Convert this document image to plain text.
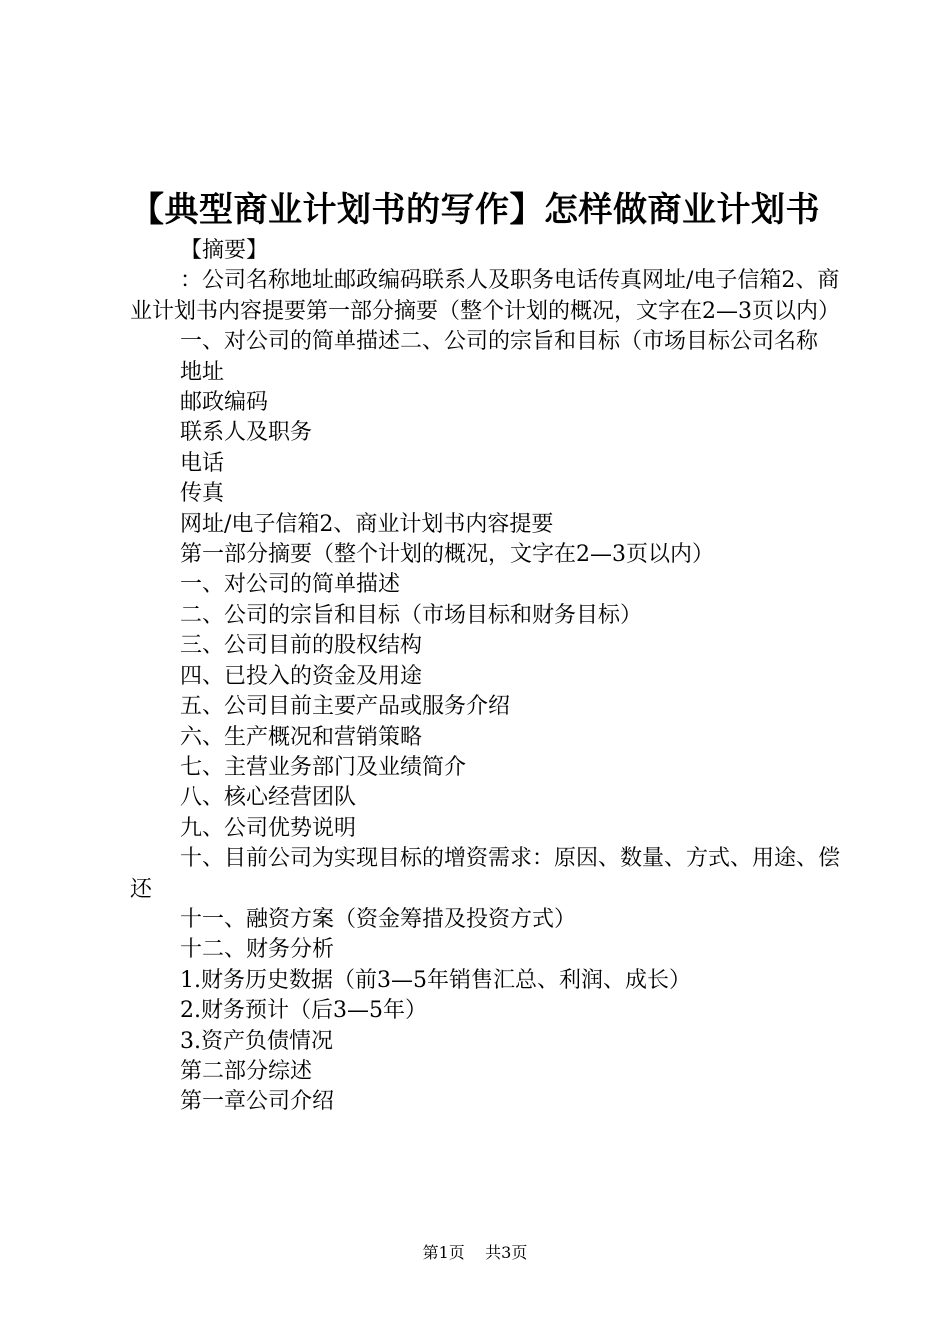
【典型商业计划书的写作】怎样做商业计划书

【摘要】

：公司名称地址邮政编码联系人及职务电话传真网址/电子信箱2、商业计划书内容提要第一部分摘要（整个计划的概况，文字在2—3页以内）

一、对公司的简单描述二、公司的宗旨和目标（市场目标公司名称

地址

邮政编码

联系人及职务

电话

传真

网址/电子信箱2、商业计划书内容提要

第一部分摘要（整个计划的概况，文字在2—3页以内）

一、对公司的简单描述

二、公司的宗旨和目标（市场目标和财务目标）

三、公司目前的股权结构

四、已投入的资金及用途

五、公司目前主要产品或服务介绍

六、生产概况和营销策略

七、主营业务部门及业绩简介

八、核心经营团队

九、公司优势说明

十、目前公司为实现目标的增资需求：原因、数量、方式、用途、偿还

十一、融资方案（资金筹措及投资方式）

十二、财务分析

1.财务历史数据（前3—5年销售汇总、利润、成长）

2.财务预计（后3—5年）

3.资产负债情况

第二部分综述

第一章公司介绍

第1页 共3页
